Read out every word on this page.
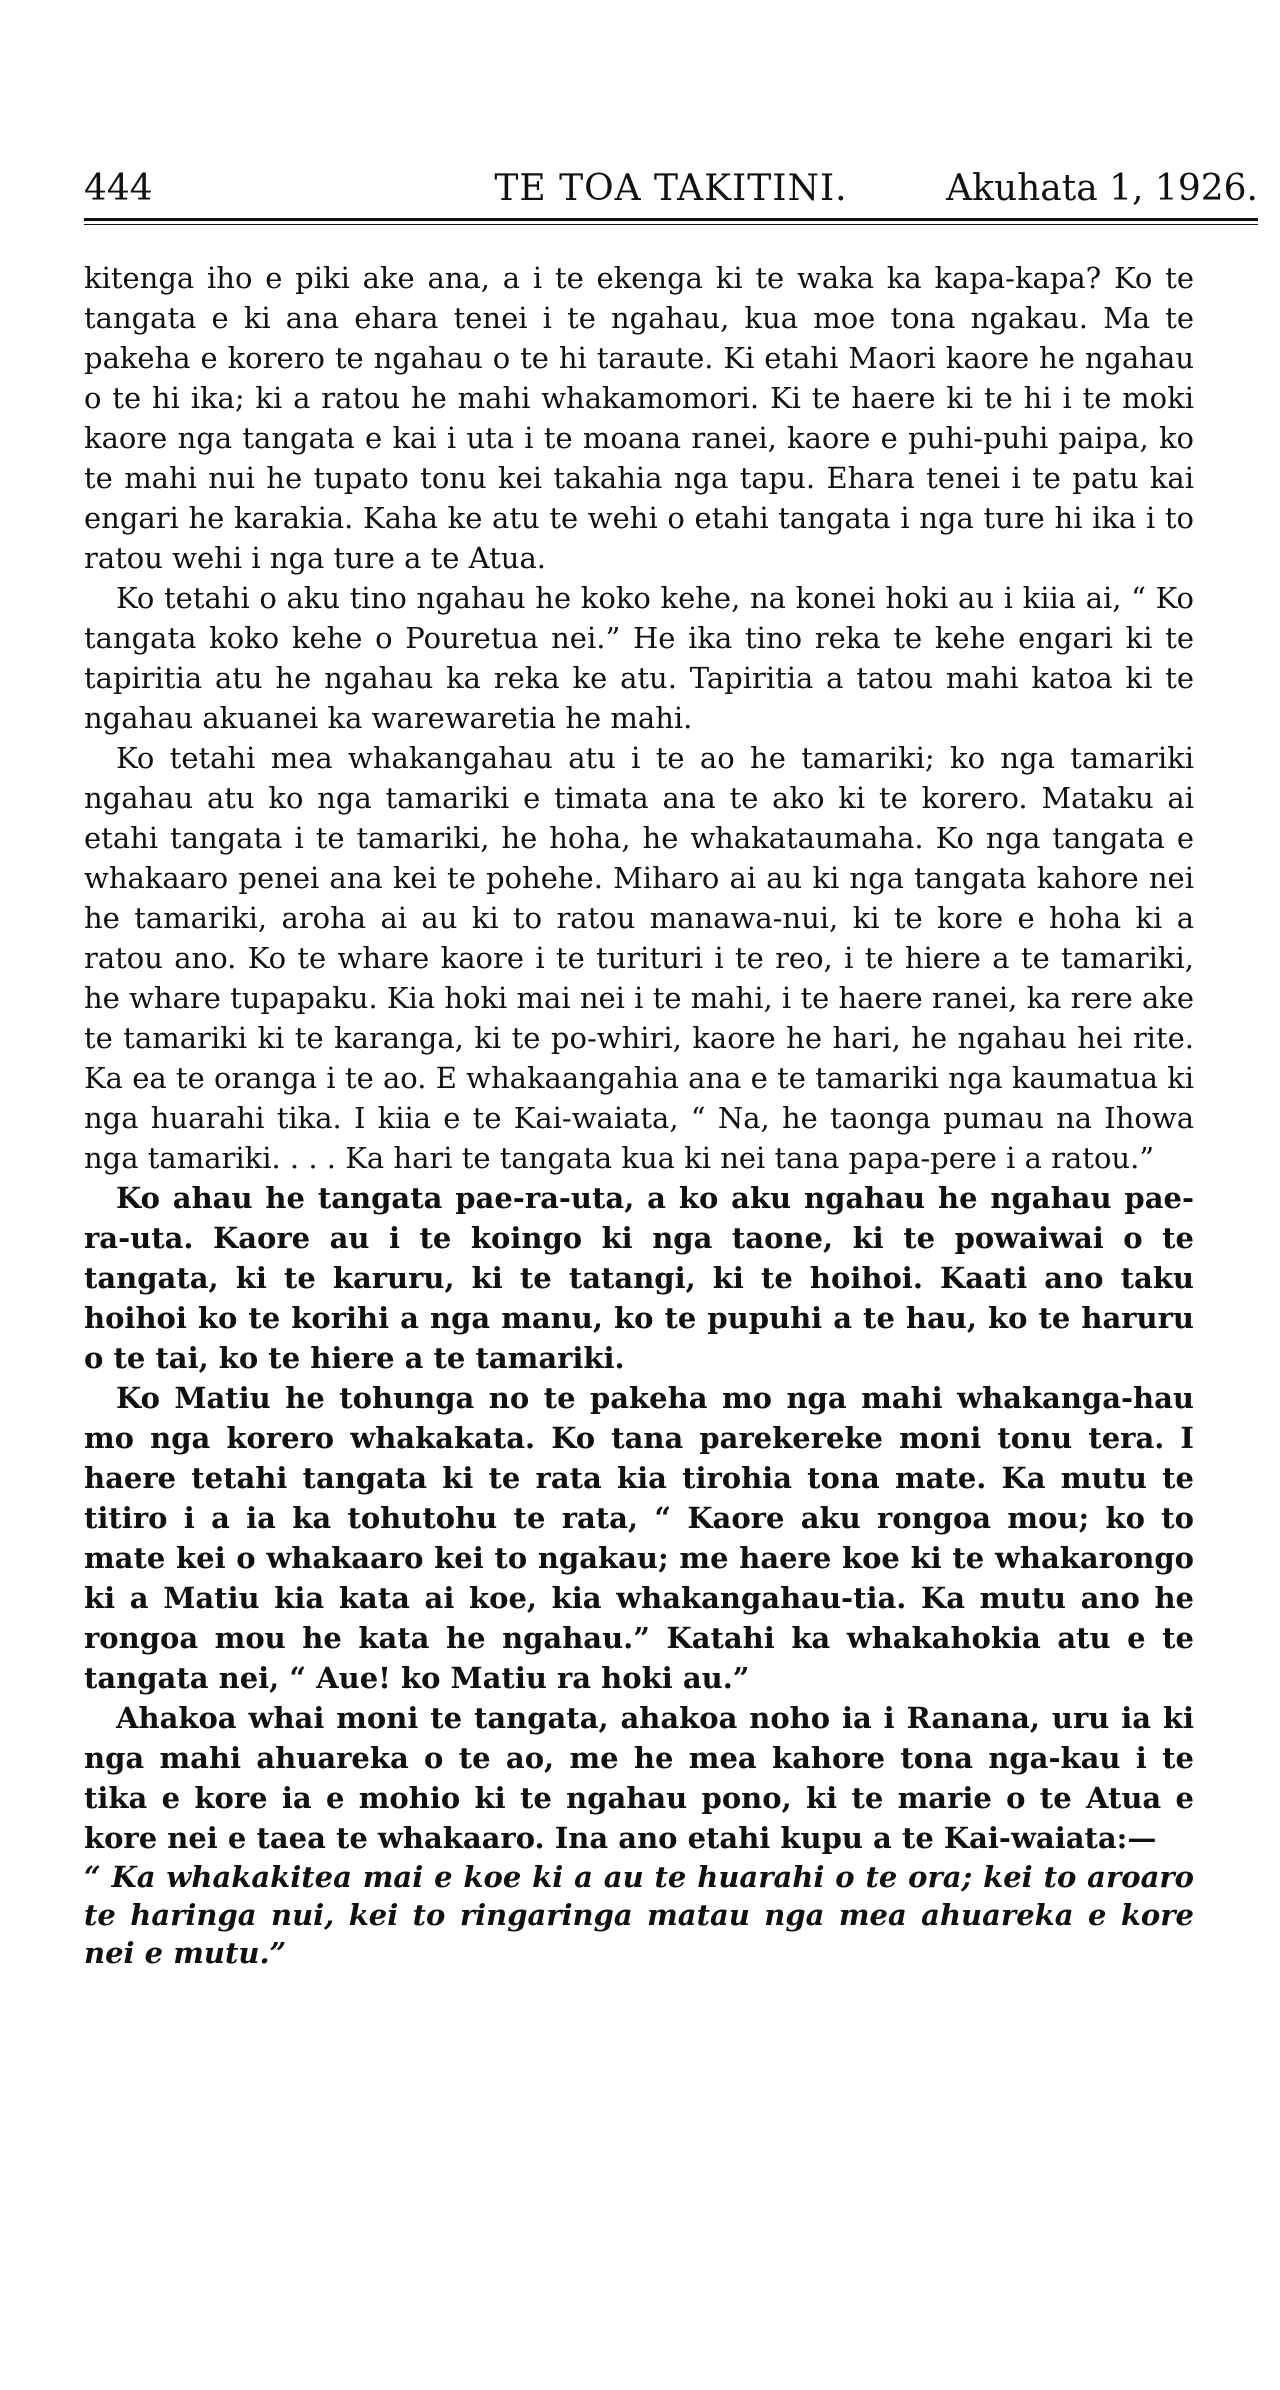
444	TE TOA TAKITINI.	Akuhata 1, 1926.

kitenga iho e piki ake ana, a i te ekenga ki te waka ka kapa-kapa? Ko te tangata e ki ana ehara tenei i te ngahau, kua moe tona ngakau. Ma te pakeha e korero te ngahau o te hi taraute. Ki etahi Maori kaore he ngahau o te hi ika; ki a ratou he mahi whakamomori. Ki te haere ki te hi i te moki kaore nga tangata e kai i uta i te moana ranei, kaore e puhi-puhi paipa, ko te mahi nui he tupato tonu kei takahia nga tapu. Ehara tenei i te patu kai engari he karakia. Kaha ke atu te wehi o etahi tangata i nga ture hi ika i to ratou wehi i nga ture a te Atua.

Ko tetahi o aku tino ngahau he koko kehe, na konei hoki au i kiia ai, “ Ko tangata koko kehe o Pouretua nei.” He ika tino reka te kehe engari ki te tapiritia atu he ngahau ka reka ke atu. Tapiritia a tatou mahi katoa ki te ngahau akuanei ka warewaretia he mahi.

Ko tetahi mea whakangahau atu i te ao he tamariki; ko nga tamariki ngahau atu ko nga tamariki e timata ana te ako ki te korero. Mataku ai etahi tangata i te tamariki, he hoha, he whakataumaha. Ko nga tangata e whakaaro penei ana kei te pohehe. Miharo ai au ki nga tangata kahore nei he tamariki, aroha ai au ki to ratou manawa-nui, ki te kore e hoha ki a ratou ano. Ko te whare kaore i te turituri i te reo, i te hiere a te tamariki, he whare tupapaku. Kia hoki mai nei i te mahi, i te haere ranei, ka rere ake te tamariki ki te karanga, ki te po-whiri, kaore he hari, he ngahau hei rite. Ka ea te oranga i te ao. E whakaangahia ana e te tamariki nga kaumatua ki nga huarahi tika. I kiia e te Kai-waiata, “ Na, he taonga pumau na Ihowa nga tamariki. . . . Ka hari te tangata kua ki nei tana papa-pere i a ratou.”

Ko ahau he tangata pae-ra-uta, a ko aku ngahau he ngahau pae-ra-uta. Kaore au i te koingo ki nga taone, ki te powaiwai o te tangata, ki te karuru, ki te tatangi, ki te hoihoi. Kaati ano taku hoihoi ko te korihi a nga manu, ko te pupuhi a te hau, ko te haruru o te tai, ko te hiere a te tamariki.

Ko Matiu he tohunga no te pakeha mo nga mahi whakanga-hau mo nga korero whakakata. Ko tana parekereke moni tonu tera. I haere tetahi tangata ki te rata kia tirohia tona mate. Ka mutu te titiro i a ia ka tohutohu te rata, “ Kaore aku rongoa mou; ko to mate kei o whakaaro kei to ngakau; me haere koe ki te whakarongo ki a Matiu kia kata ai koe, kia whakangahau-tia. Ka mutu ano he rongoa mou he kata he ngahau.” Katahi ka whakahokia atu e te tangata nei, “ Aue! ko Matiu ra hoki au.”

Ahakoa whai moni te tangata, ahakoa noho ia i Ranana, uru ia ki nga mahi ahuareka o te ao, me he mea kahore tona nga-kau i te tika e kore ia e mohio ki te ngahau pono, ki te marie o te Atua e kore nei e taea te whakaaro. Ina ano etahi kupu a te Kai-waiata:—

“ Ka whakakitea mai e koe ki a au te huarahi o te ora; kei to aroaro te haringa nui, kei to ringaringa matau nga mea ahuareka e kore nei e mutu.”
